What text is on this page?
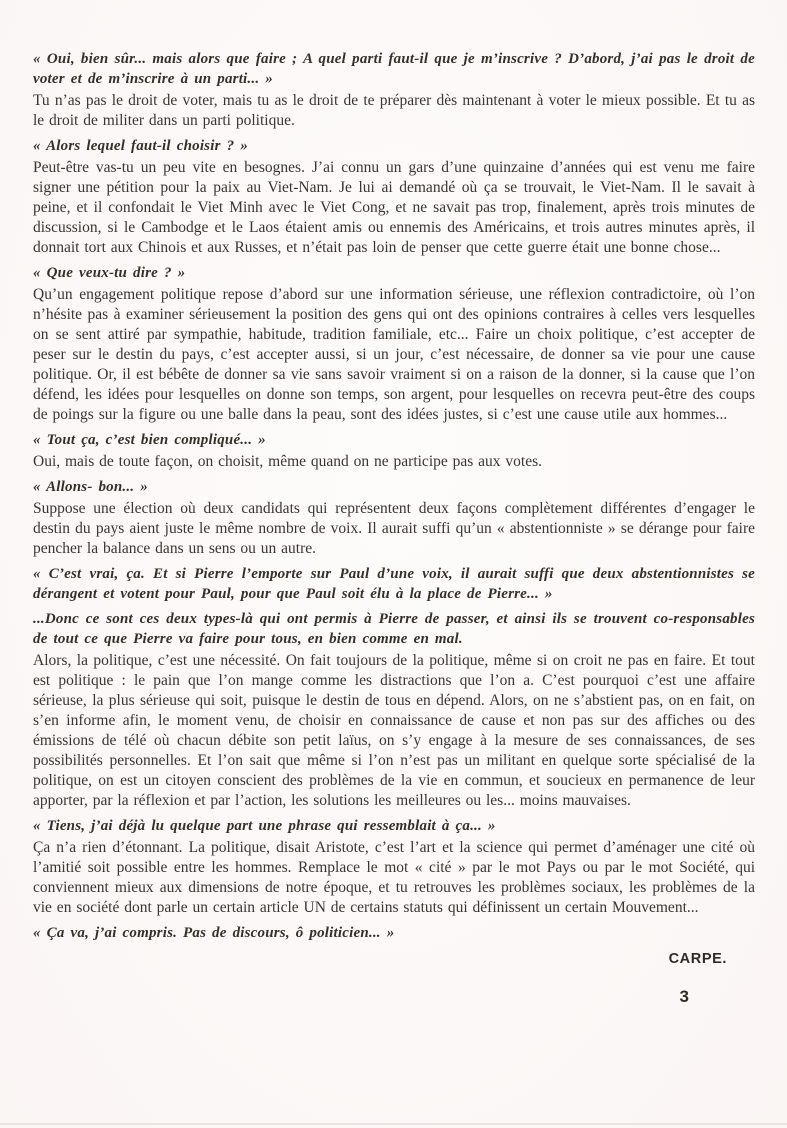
« Oui, bien sûr... mais alors que faire ; A quel parti faut-il que je m’inscrive ? D’abord, j’ai pas le droit de voter et de m’inscrire à un parti... »

Tu n’as pas le droit de voter, mais tu as le droit de te préparer dès maintenant à voter le mieux possible. Et tu as le droit de militer dans un parti politique.

« Alors lequel faut-il choisir ? »

Peut-être vas-tu un peu vite en besognes. J’ai connu un gars d’une quinzaine d’années qui est venu me faire signer une pétition pour la paix au Viet-Nam. Je lui ai demandé où ça se trouvait, le Viet-Nam. Il le savait à peine, et il confondait le Viet Minh avec le Viet Cong, et ne savait pas trop, finalement, après trois minutes de discussion, si le Cambodge et le Laos étaient amis ou ennemis des Américains, et trois autres minutes après, il donnait tort aux Chinois et aux Russes, et n’était pas loin de penser que cette guerre était une bonne chose...

« Que veux-tu dire ? »

Qu’un engagement politique repose d’abord sur une information sérieuse, une réflexion contradictoire, où l’on n’hésite pas à examiner sérieusement la position des gens qui ont des opinions contraires à celles vers lesquelles on se sent attiré par sympathie, habitude, tradition familiale, etc... Faire un choix politique, c’est accepter de peser sur le destin du pays, c’est accepter aussi, si un jour, c’est nécessaire, de donner sa vie pour une cause politique. Or, il est bébête de donner sa vie sans savoir vraiment si on a raison de la donner, si la cause que l’on défend, les idées pour lesquelles on donne son temps, son argent, pour lesquelles on recevra peut-être des coups de poings sur la figure ou une balle dans la peau, sont des idées justes, si c’est une cause utile aux hommes...

« Tout ça, c’est bien compliqué... »

Oui, mais de toute façon, on choisit, même quand on ne participe pas aux votes.

« Allons- bon... »

Suppose une élection où deux candidats qui représentent deux façons complètement différentes d’engager le destin du pays aient juste le même nombre de voix. Il aurait suffi qu’un « abstentionniste » se dérange pour faire pencher la balance dans un sens ou un autre.

« C’est vrai, ça. Et si Pierre l’emporte sur Paul d’une voix, il aurait suffi que deux abstentionnistes se dérangent et votent pour Paul, pour que Paul soit élu à la place de Pierre... »

...Donc ce sont ces deux types-là qui ont permis à Pierre de passer, et ainsi ils se trouvent co-responsables de tout ce que Pierre va faire pour tous, en bien comme en mal.

Alors, la politique, c’est une nécessité. On fait toujours de la politique, même si on croit ne pas en faire. Et tout est politique : le pain que l’on mange comme les distractions que l’on a. C’est pourquoi c’est une affaire sérieuse, la plus sérieuse qui soit, puisque le destin de tous en dépend. Alors, on ne s’abstient pas, on en fait, on s’en informe afin, le moment venu, de choisir en connaissance de cause et non pas sur des affiches ou des émissions de télé où chacun débite son petit laïus, on s’y engage à la mesure de ses connaissances, de ses possibilités personnelles. Et l’on sait que même si l’on n’est pas un militant en quelque sorte spécialisé de la politique, on est un citoyen conscient des problèmes de la vie en commun, et soucieux en permanence de leur apporter, par la réflexion et par l’action, les solutions les meilleures ou les... moins mauvaises.

« Tiens, j’ai déjà lu quelque part une phrase qui ressemblait à ça... »

Ça n’a rien d’étonnant. La politique, disait Aristote, c’est l’art et la science qui permet d’aménager une cité où l’amitié soit possible entre les hommes. Remplace le mot « cité » par le mot Pays ou par le mot Société, qui conviennent mieux aux dimensions de notre époque, et tu retrouves les problèmes sociaux, les problèmes de la vie en société dont parle un certain article UN de certains statuts qui définissent un certain Mouvement...

« Ça va, j’ai compris. Pas de discours, ô politicien... »

CARPE.
3
